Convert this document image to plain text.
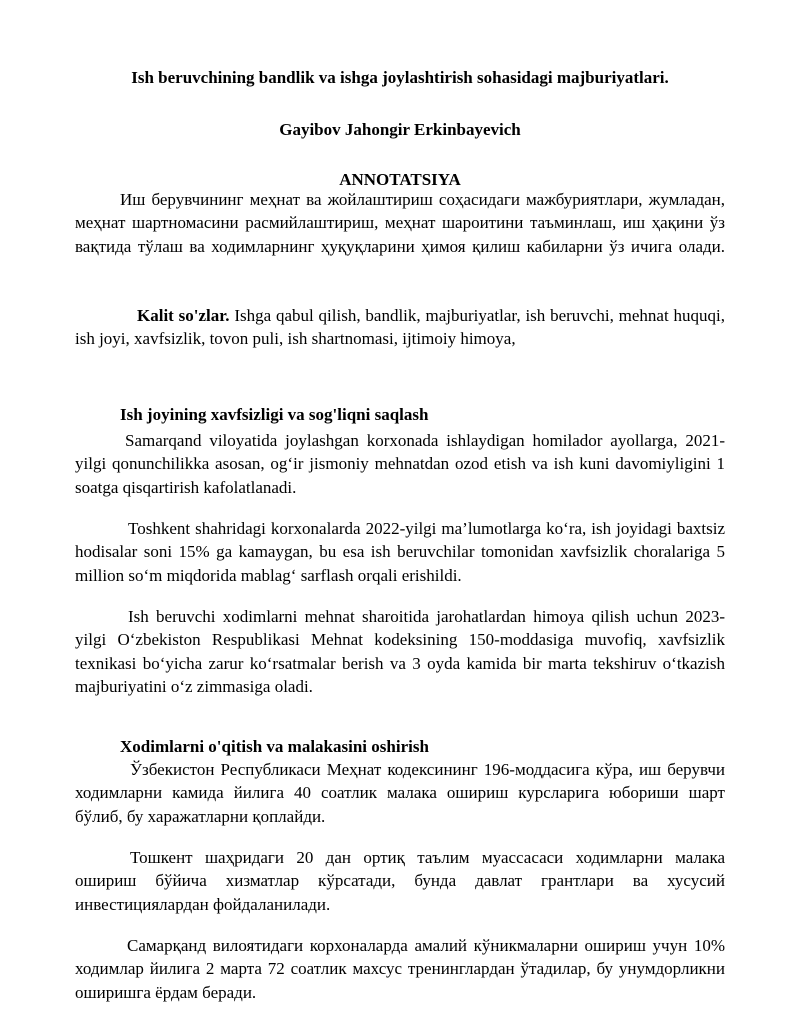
Ish beruvchining bandlik va ishga joylashtirish sohasidagi majburiyatlari.
Gayibov Jahongir Erkinbayevich
ANNOTATSIYA

Иш берувчининг меҳнат ва жойлаштириш соҳасидаги мажбуриятлари, жумладан, меҳнат шартномасини расмийлаштириш, меҳнат шароитини таъминлаш, иш ҳақини ўз вақтида тўлаш ва ходимларнинг ҳуқуқларини ҳимоя қилиш кабиларни ўз ичига олади.

Kalit so'zlar. Ishga qabul qilish, bandlik, majburiyatlar, ish beruvchi, mehnat huquqi, ish joyi, xavfsizlik, tovon puli, ish shartnomasi, ijtimoiy himoya,

Ish joyining xavfsizligi va sog'liqni saqlash

Samarqand viloyatida joylashgan korxonada ishlaydigan homilador ayollarga, 2021-yilgi qonunchilikka asosan, og‘ir jismoniy mehnatdan ozod etish va ish kuni davomiyligini 1 soatga qisqartirish kafolatlanadi.

Toshkent shahridagi korxonalarda 2022-yilgi ma’lumotlarga ko‘ra, ish joyidagi baxtsiz hodisalar soni 15% ga kamaygan, bu esa ish beruvchilar tomonidan xavfsizlik choralariga 5 million so‘m miqdorida mablag‘ sarflash orqali erishildi.

Ish beruvchi xodimlarni mehnat sharoitida jarohatlardan himoya qilish uchun 2023-yilgi O‘zbekiston Respublikasi Mehnat kodeksining 150-moddasiga muvofiq, xavfsizlik texnikasi bo‘yicha zarur ko‘rsatmalar berish va 3 oyda kamida bir marta tekshiruv o‘tkazish majburiyatini o‘z zimmasiga oladi.

Xodimlarni o'qitish va malakasini oshirish

Ўзбекистон Республикаси Меҳнат кодексининг 196-моддасига кўра, иш берувчи ходимларни камида йилига 40 соатлик малака ошириш курсларига юбориши шарт бўлиб, бу харажатларни қоплайди.

Тошкент шаҳридаги 20 дан ортиқ таълим муассасаси ходимларни малака ошириш бўйича хизматлар кўрсатади, бунда давлат грантлари ва хусусий инвестициялардан фойдаланилади.

Самарқанд вилоятидаги корхоналарда амалий кўникмаларни ошириш учун 10% ходимлар йилига 2 марта 72 соатлик махсус тренинглардан ўтадилар, бу унумдорликни оширишга ёрдам беради.
